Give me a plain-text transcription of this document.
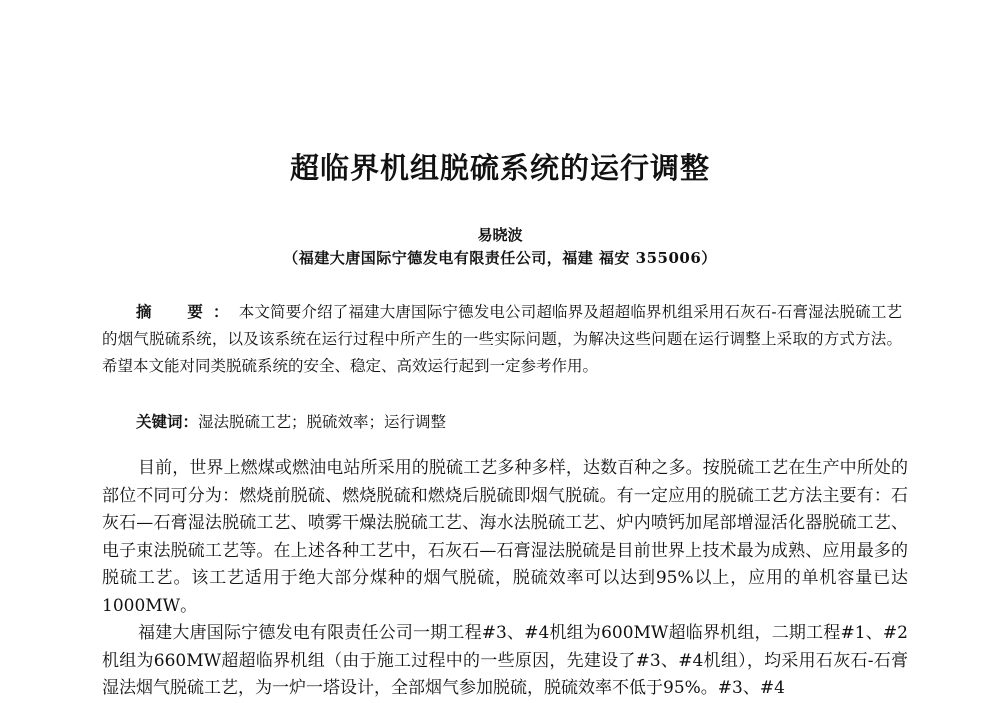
超临界机组脱硫系统的运行调整
易晓波
（福建大唐国际宁德发电有限责任公司，福建 福安 355006）

摘　要：本文简要介绍了福建大唐国际宁德发电公司超临界及超超临界机组采用石灰石-石膏湿法脱硫工艺的烟气脱硫系统，以及该系统在运行过程中所产生的一些实际问题，为解决这些问题在运行调整上采取的方式方法。希望本文能对同类脱硫系统的安全、稳定、高效运行起到一定参考作用。

关键词：湿法脱硫工艺；脱硫效率；运行调整

目前，世界上燃煤或燃油电站所采用的脱硫工艺多种多样，达数百种之多。按脱硫工艺在生产中所处的部位不同可分为：燃烧前脱硫、燃烧脱硫和燃烧后脱硫即烟气脱硫。有一定应用的脱硫工艺方法主要有：石灰石—石膏湿法脱硫工艺、喷雾干燥法脱硫工艺、海水法脱硫工艺、炉内喷钙加尾部增湿活化器脱硫工艺、电子束法脱硫工艺等。在上述各种工艺中，石灰石—石膏湿法脱硫是目前世界上技术最为成熟、应用最多的脱硫工艺。该工艺适用于绝大部分煤种的烟气脱硫，脱硫效率可以达到95%以上，应用的单机容量已达1000MW。

福建大唐国际宁德发电有限责任公司一期工程#3、#4机组为600MW超临界机组，二期工程#1、#2机组为660MW超超临界机组（由于施工过程中的一些原因，先建设了#3、#4机组），均采用石灰石-石膏湿法烟气脱硫工艺，为一炉一塔设计，全部烟气参加脱硫，脱硫效率不低于95%。#3、#4
